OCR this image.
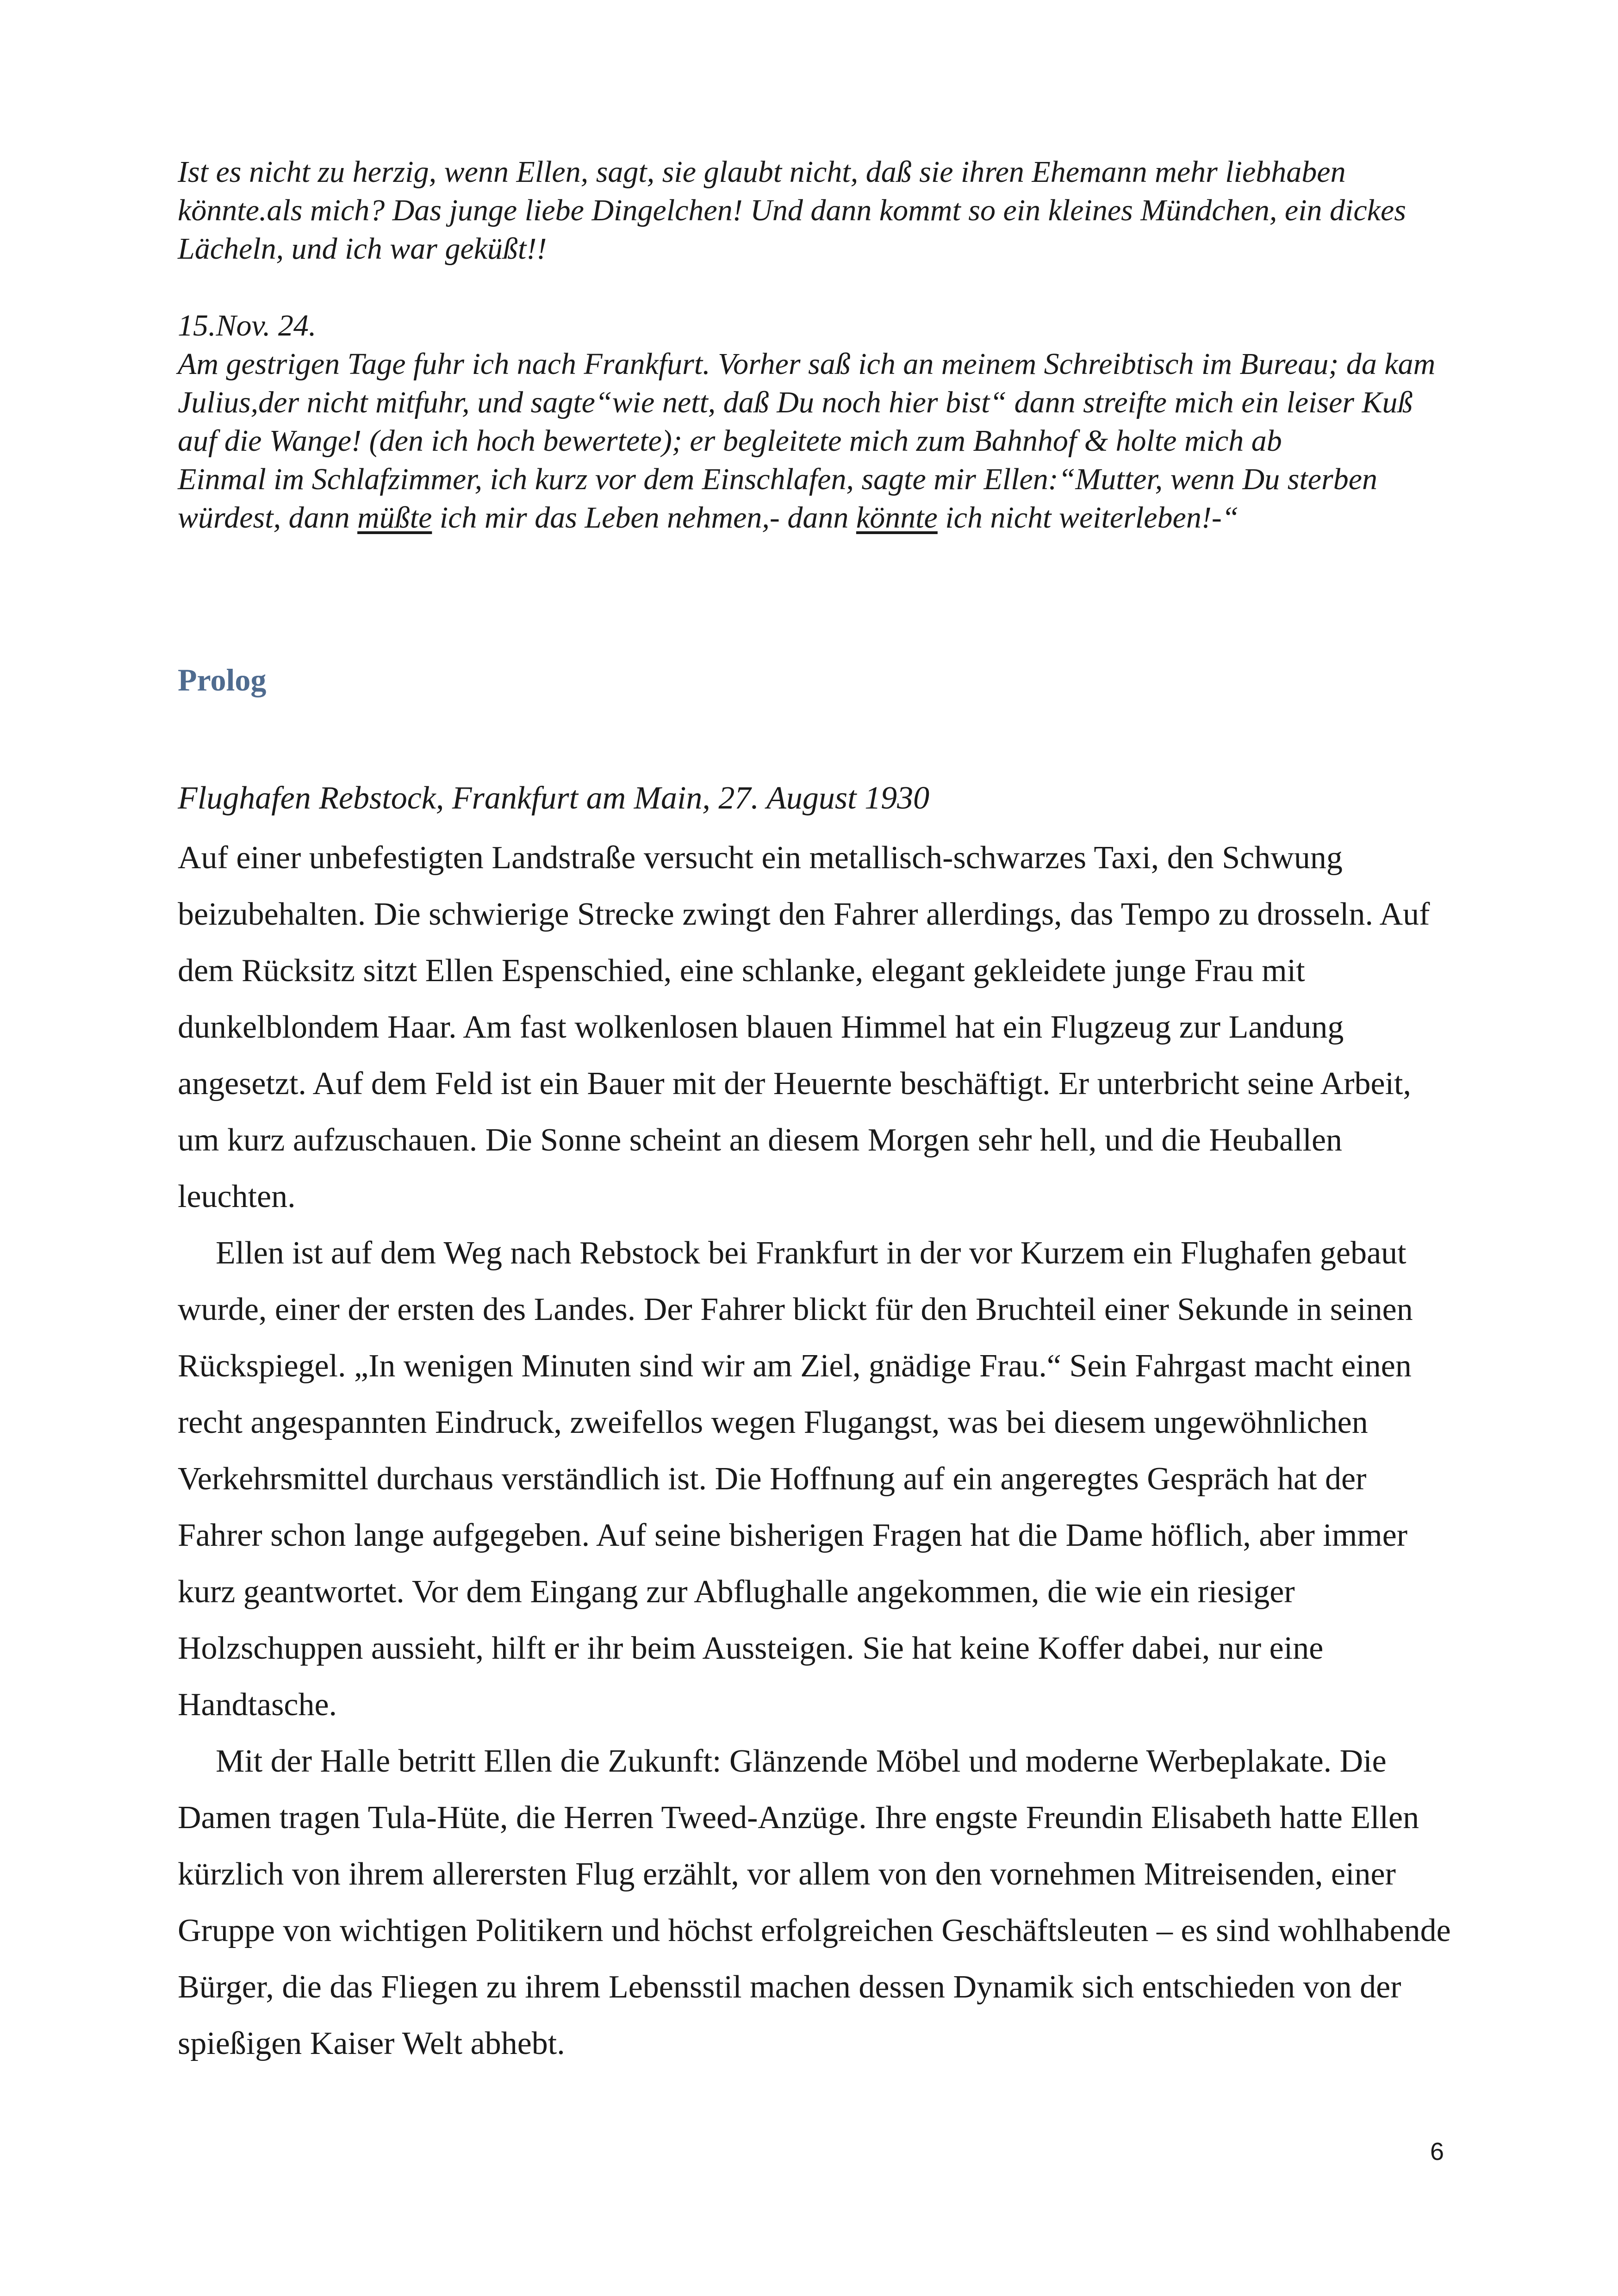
Ist es nicht zu herzig, wenn Ellen, sagt, sie glaubt nicht, daß sie ihren Ehemann mehr liebhaben könnte.als mich? Das junge liebe Dingelchen! Und dann kommt so ein kleines Mündchen, ein dickes Lächeln, und ich war geküßt!!

15.Nov. 24.

Am gestrigen Tage fuhr ich nach Frankfurt. Vorher saß ich an meinem Schreibtisch im Bureau; da kam Julius,der nicht mitfuhr, und sagte“wie nett, daß Du noch hier bist“ dann streifte mich ein leiser Kuß auf die Wange! (den ich hoch bewertete); er begleitete mich zum Bahnhof & holte mich ab

Einmal im Schlafzimmer, ich kurz vor dem Einschlafen, sagte mir Ellen:“Mutter, wenn Du sterben würdest, dann müßte ich mir das Leben nehmen,- dann könnte ich nicht weiterleben!-“

Prolog
Flughafen Rebstock, Frankfurt am Main, 27. August 1930

Auf einer unbefestigten Landstraße versucht ein metallisch-schwarzes Taxi, den Schwung beizubehalten. Die schwierige Strecke zwingt den Fahrer allerdings, das Tempo zu drosseln. Auf dem Rücksitz sitzt Ellen Espenschied, eine schlanke, elegant gekleidete junge Frau mit dunkelblondem Haar. Am fast wolkenlosen blauen Himmel hat ein Flugzeug zur Landung angesetzt. Auf dem Feld ist ein Bauer mit der Heuernte beschäftigt. Er unterbricht seine Arbeit, um kurz aufzuschauen. Die Sonne scheint an diesem Morgen sehr hell, und die Heuballen leuchten.

Ellen ist auf dem Weg nach Rebstock bei Frankfurt in der vor Kurzem ein Flughafen gebaut wurde, einer der ersten des Landes. Der Fahrer blickt für den Bruchteil einer Sekunde in seinen Rückspiegel. „In wenigen Minuten sind wir am Ziel, gnädige Frau.“ Sein Fahrgast macht einen recht angespannten Eindruck, zweifellos wegen Flugangst, was bei diesem ungewöhnlichen Verkehrsmittel durchaus verständlich ist. Die Hoffnung auf ein angeregtes Gespräch hat der Fahrer schon lange aufgegeben. Auf seine bisherigen Fragen hat die Dame höflich, aber immer kurz geantwortet. Vor dem Eingang zur Abflughalle angekommen, die wie ein riesiger Holzschuppen aussieht, hilft er ihr beim Aussteigen. Sie hat keine Koffer dabei, nur eine Handtasche.

Mit der Halle betritt Ellen die Zukunft: Glänzende Möbel und moderne Werbeplakate. Die Damen tragen Tula-Hüte, die Herren Tweed-Anzüge. Ihre engste Freundin Elisabeth hatte Ellen kürzlich von ihrem allerersten Flug erzählt, vor allem von den vornehmen Mitreisenden, einer Gruppe von wichtigen Politikern und höchst erfolgreichen Geschäftsleuten – es sind wohlhabende Bürger, die das Fliegen zu ihrem Lebensstil machen dessen Dynamik sich entschieden von der spießigen Kaiser Welt abhebt.

6
